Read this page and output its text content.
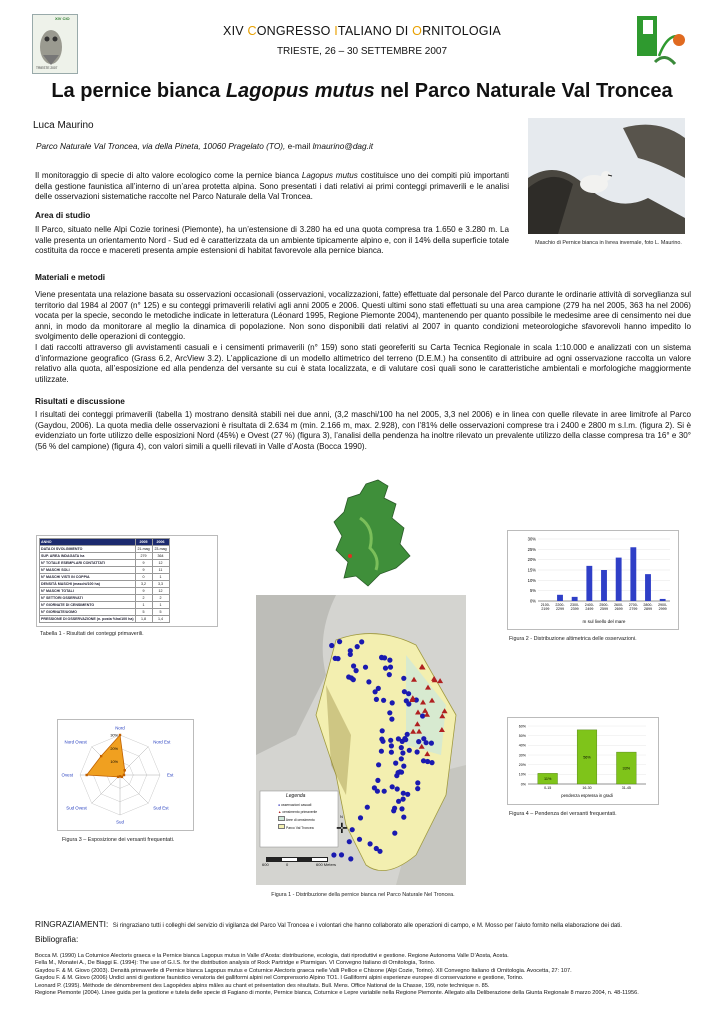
XIV CIO
TRIESTE 2007
XIV CONGRESSO ITALIANO DI ORNITOLOGIA
TRIESTE, 26 – 30 SETTEMBRE 2007
La pernice bianca Lagopus mutus nel Parco Naturale Val Troncea
Luca Maurino
Parco Naturale Val Troncea, via della Pineta, 10060 Pragelato (TO), e-mail lmaurino@dag.it
Maschio di Pernice bianca in livrea invernale, foto L. Maurino.
Il monitoraggio di specie di alto valore ecologico come la pernice bianca Lagopus mutus costituisce uno dei compiti più importanti della gestione faunistica all’interno di un’area protetta alpina. Sono presentati i dati relativi ai primi conteggi primaverili e le analisi delle osservazioni sistematiche raccolte nel Parco Naturale della Val Troncea.
Area di studio
Il Parco, situato nelle Alpi Cozie torinesi (Piemonte), ha un’estensione di 3.280 ha ed una quota compresa tra 1.650 e 3.280 m. La valle presenta un orientamento Nord - Sud ed è caratterizzata da un ambiente tipicamente alpino e, con il 14% della superficie totale costituita da rocce e macereti presenta ampie estensioni di habitat favorevole alla pernice bianca.
Materiali e metodi
Viene presentata una relazione basata su osservazioni occasionali (osservazioni, vocalizzazioni, fatte) effettuate dal personale del Parco durante le ordinarie attività di sorveglianza sul territorio dal 1984 al 2007 (n° 125) e su conteggi primaverili relativi agli anni 2005 e 2006. Questi ultimi sono stati effettuati su una area campione (279 ha nel 2005, 363 ha nel 2006) vocata per la specie, secondo le metodiche indicate in letteratura (Léonard 1995, Regione Piemonte 2004), mantenendo per quanto possibile le medesime aree di censimento nei due anni, in modo da monitorare al meglio la dinamica di popolazione. Non sono disponibili dati relativi al 2007 in quanto condizioni meteorologiche sfavorevoli hanno impedito lo svolgimento delle operazioni di conteggio.
I dati raccolti attraverso gli avvistamenti casuali e i censimenti primaverili (n° 159) sono stati georeferiti su Carta Tecnica Regionale in scala 1:10.000 e analizzati con un sistema d’informazione geografico (Grass 6.2, ArcView 3.2). L’applicazione di un modello altimetrico del terreno (D.E.M.) ha consentito di attribuire ad ogni osservazione raccolta un valore relativo alla quota, all’esposizione ed alla pendenza del versante su cui è stata localizzata, e di valutare così quali sono le caratteristiche ambientali e morfologiche maggiormente utilizzate.
Risultati e discussione
I risultati dei conteggi primaverili (tabella 1) mostrano densità stabili nei due anni, (3,2 maschi/100 ha nel 2005, 3,3 nel 2006) e in linea con quelle rilevate in aree limitrofe al Parco (Gaydou, 2006). La quota media delle osservazioni è risultata di 2.634 m (min. 2.166 m, max. 2.928), con l’81% delle osservazioni comprese tra i 2400 e 2800 m s.l.m. (figura 2). Si è evidenziato un forte utilizzo delle esposizioni Nord (45%) e Ovest (27 %) (figura 3), l’analisi della pendenza ha inoltre rilevato un prevalente utilizzo della classe compresa tra 16° e 30° (56 % del campione) (figura 4), con valori simili a quelli rilevati in Valle d’Aosta (Bocca 1990).
ANNO	2005	2006
DATA DI SVOLGIMENTO	21-mag	23-mag
SUP. AREA INDAGATA ha	279	364
N° TOTALE ESEMPLARI CONTATTATI	9	12
N° MASCHI SOLI	9	11
N° MASCHI VISTI IN COPPIA	0	1
DENSITÀ MASCHI (maschi/100 ha)	3,2	3,3
N° MASCHI TOTALI	9	12
N° SETTORI OSSERVATI	2	2
N° GIORNATE DI CENSIMENTO	1	1
N° GIORNATE/UOMO	5	5
PRESSIONE DI OSSERVAZIONE (n. posta %ha/100 ha)	1,8	1,4
Tabella 1 - Risultati dei conteggi primaverili.
0%
5%
10%
15%
20%
25%
30%
2100-
2199
2200-
2299
2300-
2399
2400-
2499
2500-
2599
2600-
2699
2700-
2799
2800-
2899
2900-
2999
m sul livello del mare
Figura 2 - Distribuzione altimetrica delle osservazioni.
Legenda
● osservazioni casuali
▲ censimento primaverile
Aree di censimento
Parco Val Troncea ✛
N
600	0	600 Meters
Figura 1 - Distribuzione della pernice bianca nel Parco Naturale Nel Troncea.
Nord
Nord Est
Est
Sud Est
Sud
Sud Ovest
Ovest
Nord Ovest
10%
20%
30%
Figura 3 – Esposizione dei versanti frequentati.
0%
10%
20%
30%
40%
50%
60%
11%
0-15
56%
16-30
33%
31-45
pendenza espressa in gradi
Figura 4 – Pendenza dei versanti frequentati.
RINGRAZIAMENTI: Si ringraziano tutti i colleghi del servizio di vigilanza del Parco Val Troncea e i volontari che hanno collaborato alle operazioni di campo, e M. Mosso per l’aiuto fornito nella elaborazione dei dati.
Bibliografia:
Bocca M. (1990) La Coturnice Alectoris graeca e la Pernice bianca Lagopus mutus in Valle d’Aosta: distribuzione, ecologia, dati riproduttivi e gestione. Regione Autonoma Valle D’Aosta, Aosta.
Fella M., Monatei A., De Biaggi E. (1994): The use of G.I.S. for the distribution analysis of Rock Partridge e Ptarmigan. VI Convegno Italiano di Ornitologia, Torino.
Gaydou F. & M. Giovo (2003). Densità primaverile di Pernice bianca Lagopus mutus e Coturnice Alectoris graeca nelle Valli Pellice e Chisone (Alpi Cozie, Torino). XII Convegno Italiano di Ornitologia. Avocetta, 27: 107.
Gaydou F. & M. Giovo (2006) Undici anni di gestione faunistico venatoria dei galliformi alpini nel Comprensorio Alpino TO1. I Galliformi alpini esperienze europee di conservazione e gestione, Torino.
Leonard P. (1995). Méthode de dénombrement des Lagopèdes alpins mâles au chant et présentation des résultats. Bull. Mens. Office National de la Chasse, 199, note technique n. 85.
Regione Piemonte (2004). Linee guida per la gestione e tutela delle specie di Fagiano di monte, Pernice bianca, Coturnice e Lepre variabile nella Regione Piemonte. Allegato alla Deliberazione della Giunta Regionale 8 marzo 2004, n. 48-11956.
